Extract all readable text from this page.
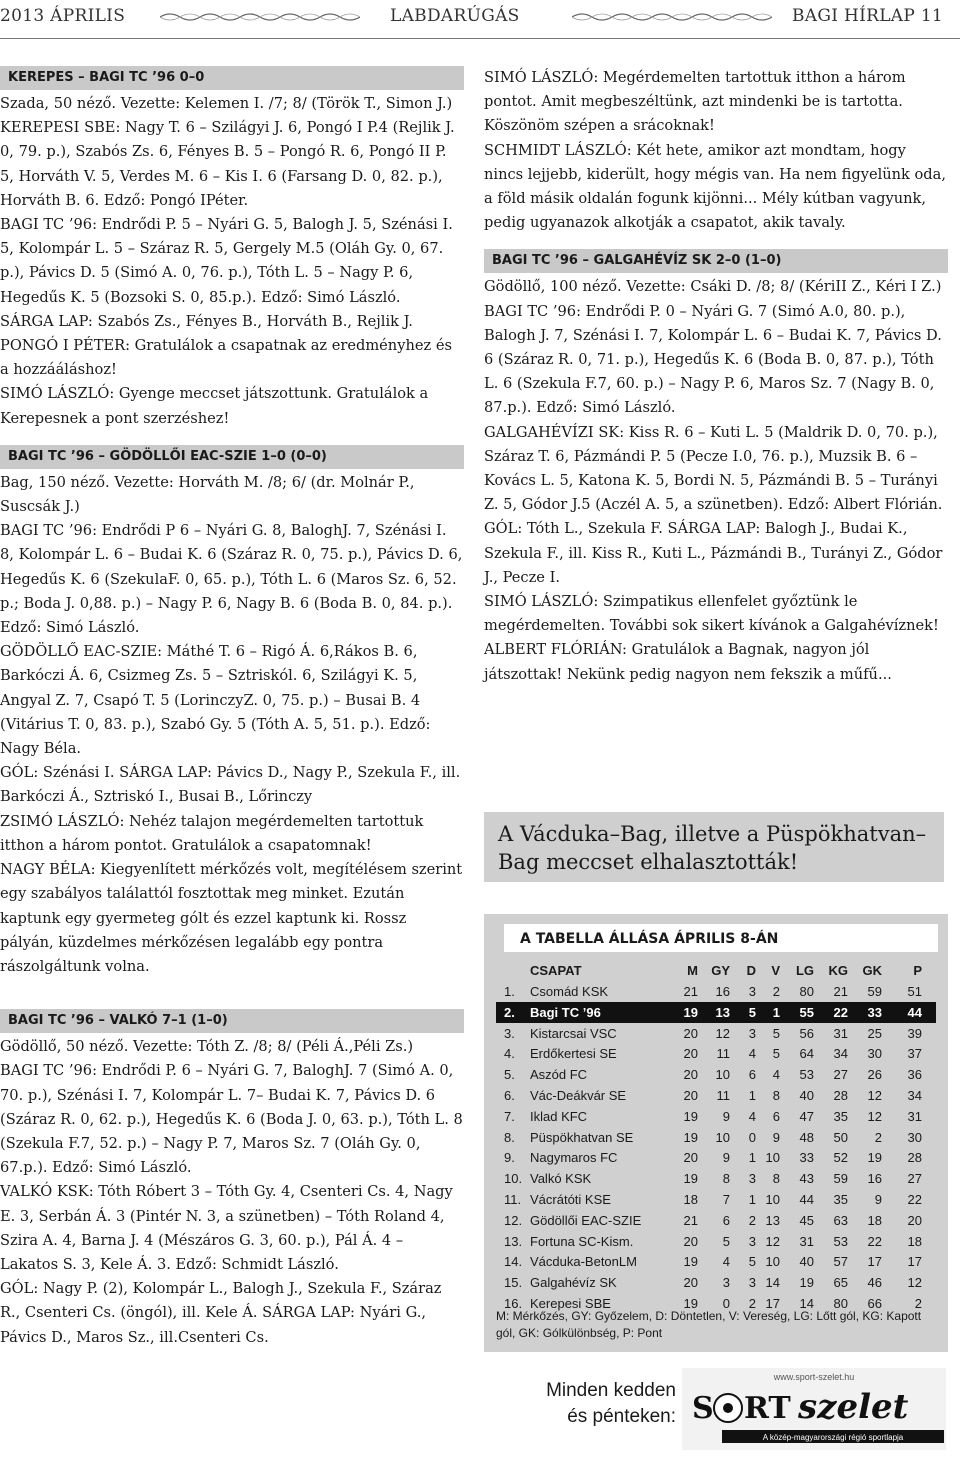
2013 ÁPRILIS	LABDARÚGÁS	BAGI HÍRLAP 11
KEREPES – BAGI TC ’96 0–0

Szada, 50 néző. Vezette: Kelemen I. /7; 8/ (Török T., Simon J.)

KEREPESI SBE: Nagy T. 6 – Szilágyi J. 6, Pongó I P.4 (Rejlik J. 0, 79. p.), Szabós Zs. 6, Fényes B. 5 – Pongó R. 6, Pongó II P. 5, Horváth V. 5, Verdes M. 6 – Kis I. 6 (Farsang D. 0, 82. p.), Horváth B. 6. Edző: Pongó IPéter.

BAGI TC ’96: Endrődi P. 5 – Nyári G. 5, Balogh J. 5, Szénási I. 5, Kolompár L. 5 – Száraz R. 5, Gergely M.5 (Oláh Gy. 0, 67. p.), Pávics D. 5 (Simó A. 0, 76. p.), Tóth L. 5 – Nagy P. 6, Hegedűs K. 5 (Bozsoki S. 0, 85.p.). Edző: Simó László.

SÁRGA LAP: Szabós Zs., Fényes B., Horváth B., Rejlik J.

PONGÓ I PÉTER: Gratulálok a csapatnak az eredményhez és a hozzááláshoz!

SIMÓ LÁSZLÓ: Gyenge meccset játszottunk. Gratulálok a Kerepesnek a pont szerzéshez!

BAGI TC ’96 – GÖDÖLLŐI EAC-SZIE 1–0 (0–0)

Bag, 150 néző. Vezette: Horváth M. /8; 6/ (dr. Molnár P., Suscsák J.)

BAGI TC ’96: Endrődi P 6 – Nyári G. 8, BaloghJ. 7, Szénási I. 8, Kolompár L. 6 – Budai K. 6 (Száraz R. 0, 75. p.), Pávics D. 6, Hegedűs K. 6 (SzekulaF. 0, 65. p.), Tóth L. 6 (Maros Sz. 6, 52. p.; Boda J. 0,88. p.) – Nagy P. 6, Nagy B. 6 (Boda B. 0, 84. p.). Edző: Simó László.

GÖDÖLLŐ EAC-SZIE: Máthé T. 6 – Rigó Á. 6,Rákos B. 6, Barkóczi Á. 6, Csizmeg Zs. 5 – Sztriskól. 6, Szilágyi K. 5, Angyal Z. 7, Csapó T. 5 (LorinczyZ. 0, 75. p.) – Busai B. 4 (Vitárius T. 0, 83. p.), Szabó Gy. 5 (Tóth A. 5, 51. p.). Edző: Nagy Béla.

GÓL: Szénási I. SÁRGA LAP: Pávics D., Nagy P., Szekula F., ill. Barkóczi Á., Sztriskó I., Busai B., Lőrinczy

ZSIMÓ LÁSZLÓ: Nehéz talajon megérdemelten tartottuk itthon a három pontot. Gratulálok a csapatomnak!

NAGY BÉLA: Kiegyenlített mérkőzés volt, megítélésem szerint egy szabályos találattól fosztottak meg minket. Ezután kaptunk egy gyermeteg gólt és ezzel kaptunk ki. Rossz pályán, küzdelmes mérkőzésen legalább egy pontra rászolgáltunk volna.

BAGI TC ’96 – VALKÓ 7–1 (1–0)

Gödöllő, 50 néző. Vezette: Tóth Z. /8; 8/ (Péli Á.,Péli Zs.)

BAGI TC ’96: Endrődi P. 6 – Nyári G. 7, BaloghJ. 7 (Simó A. 0, 70. p.), Szénási I. 7, Kolompár L. 7– Budai K. 7, Pávics D. 6 (Száraz R. 0, 62. p.), Hegedűs K. 6 (Boda J. 0, 63. p.), Tóth L. 8 (Szekula F.7, 52. p.) – Nagy P. 7, Maros Sz. 7 (Oláh Gy. 0, 67.p.). Edző: Simó László.

VALKÓ KSK: Tóth Róbert 3 – Tóth Gy. 4, Csenteri Cs. 4, Nagy E. 3, Serbán Á. 3 (Pintér N. 3, a szünetben) – Tóth Roland 4, Szira A. 4, Barna J. 4 (Mészáros G. 3, 60. p.), Pál Á. 4 – Lakatos S. 3, Kele Á. 3. Edző: Schmidt László.

GÓL: Nagy P. (2), Kolompár L., Balogh J., Szekula F., Száraz R., Csenteri Cs. (öngól), ill. Kele Á. SÁRGA LAP: Nyári G., Pávics D., Maros Sz., ill.Csenteri Cs.

SIMÓ LÁSZLÓ: Megérdemelten tartottuk itthon a három pontot. Amit megbeszéltünk, azt mindenki be is tartotta. Köszönöm szépen a srácoknak!

SCHMIDT LÁSZLÓ: Két hete, amikor azt mondtam, hogy nincs lejjebb, kiderült, hogy mégis van. Ha nem figyelünk oda, a föld másik oldalán fogunk kijönni... Mély kútban vagyunk, pedig ugyanazok alkotják a csapatot, akik tavaly.

BAGI TC ’96 – GALGAHÉVÍZ SK 2–0 (1–0)

Gödöllő, 100 néző. Vezette: Csáki D. /8; 8/ (KériII Z., Kéri I Z.)

BAGI TC ’96: Endrődi P. 0 – Nyári G. 7 (Simó A.0, 80. p.), Balogh J. 7, Szénási I. 7, Kolompár L. 6 – Budai K. 7, Pávics D. 6 (Száraz R. 0, 71. p.), Hegedűs K. 6 (Boda B. 0, 87. p.), Tóth L. 6 (Szekula F.7, 60. p.) – Nagy P. 6, Maros Sz. 7 (Nagy B. 0, 87.p.). Edző: Simó László.

GALGAHÉVÍZI SK: Kiss R. 6 – Kuti L. 5 (Maldrik D. 0, 70. p.), Száraz T. 6, Pázmándi P. 5 (Pecze I.0, 76. p.), Muzsik B. 6 – Kovács L. 5, Katona K. 5, Bordi N. 5, Pázmándi B. 5 – Turányi Z. 5, Gódor J.5 (Aczél A. 5, a szünetben). Edző: Albert Flórián.

GÓL: Tóth L., Szekula F. SÁRGA LAP: Balogh J., Budai K., Szekula F., ill. Kiss R., Kuti L., Pázmándi B., Turányi Z., Gódor J., Pecze I.

SIMÓ LÁSZLÓ: Szimpatikus ellenfelet győztünk le megérdemelten. További sok sikert kívánok a Galgahévíznek!

ALBERT FLÓRIÁN: Gratulálok a Bagnak, nagyon jól játszottak! Nekünk pedig nagyon nem fekszik a műfű...

A Vácduka–Bag, illetve a Püspökhatvan–Bag meccset elhalasztották!
A TABELLA ÁLLÁSA ÁPRILIS 8-ÁN
CSAPAT	M	GY	D	V	LG	KG	GK	P
1.	Csomád KSK	21	16	3	2	80	21	59	51
2.	Bagi TC ’96	19	13	5	1	55	22	33	44
3.	Kistarcsai VSC	20	12	3	5	56	31	25	39
4.	Erdőkertesi SE	20	11	4	5	64	34	30	37
5.	Aszód FC	20	10	6	4	53	27	26	36
6.	Vác-Deákvár SE	20	11	1	8	40	28	12	34
7.	Iklad KFC	19	9	4	6	47	35	12	31
8.	Püspökhatvan SE	19	10	0	9	48	50	2	30
9.	Nagymaros FC	20	9	1 10	33	52	19	28
10. Valkó KSK	19	8	3	8	43	59	16	27
11. Vácrátóti KSE	18	7	1 10	44	35	9	22
12. Gödöllői EAC-SZIE	21	6	2 13	45	63	18	20
13. Fortuna SC-Kism.	20	5	3 12	31	53	22	18
14. Vácduka-BetonLM	19	4	5 10	40	57	17	17
15. Galgahévíz SK	20	3	3 14	19	65	46	12
16. Kerepesi SBE	19	0	2 17	14	80	66	2
M: Mérkőzés, GY: Győzelem, D: Döntetlen, V: Vereség, LG: Lőtt gól, KG: Kapott gól, GK: Gólkülönbség, P: Pont
Minden kedden
és pénteken:
www.sport-szelet.hu
S RT szelet
A közép-magyarországi régió sportlapja
